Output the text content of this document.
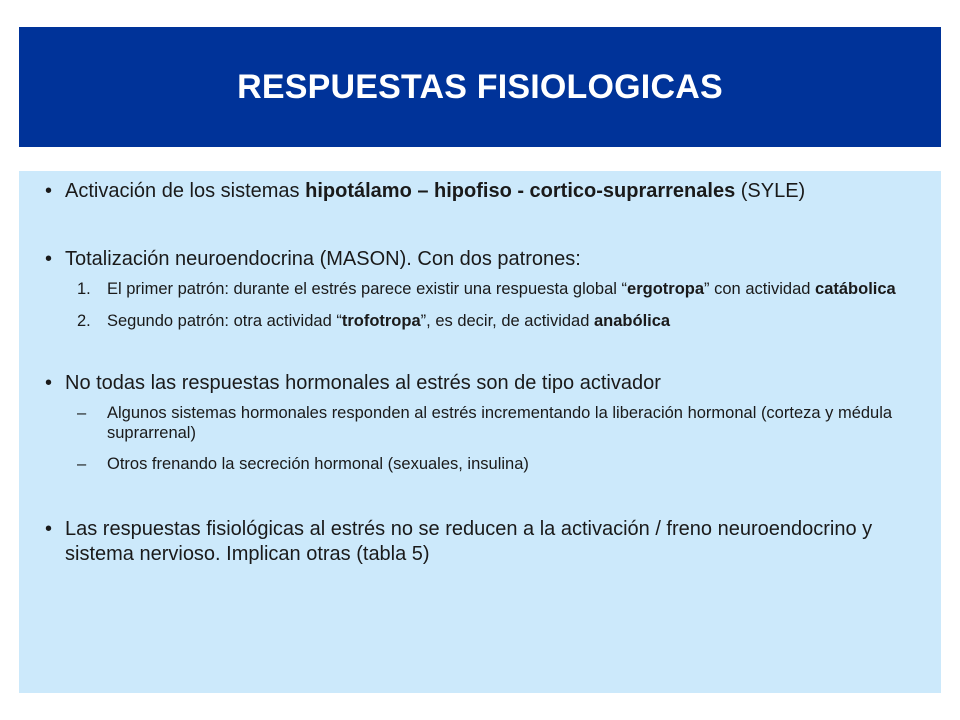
RESPUESTAS FISIOLOGICAS
• Activación de los sistemas hipotálamo – hipofiso - cortico-suprarrenales (SYLE)
• Totalización neuroendocrina (MASON). Con dos patrones:
1. El primer patrón: durante el estrés parece existir una respuesta global “ergotropa” con actividad catábolica
2. Segundo patrón: otra actividad “trofotropa”, es decir, de actividad anabólica
• No todas las respuestas hormonales al estrés son de tipo activador
– Algunos sistemas hormonales responden al estrés incrementando la liberación hormonal (corteza y médula suprarrenal)
– Otros frenando la secreción hormonal (sexuales, insulina)
• Las respuestas fisiológicas al estrés no se reducen a la activación / freno neuroendocrino y sistema nervioso. Implican otras (tabla 5)
